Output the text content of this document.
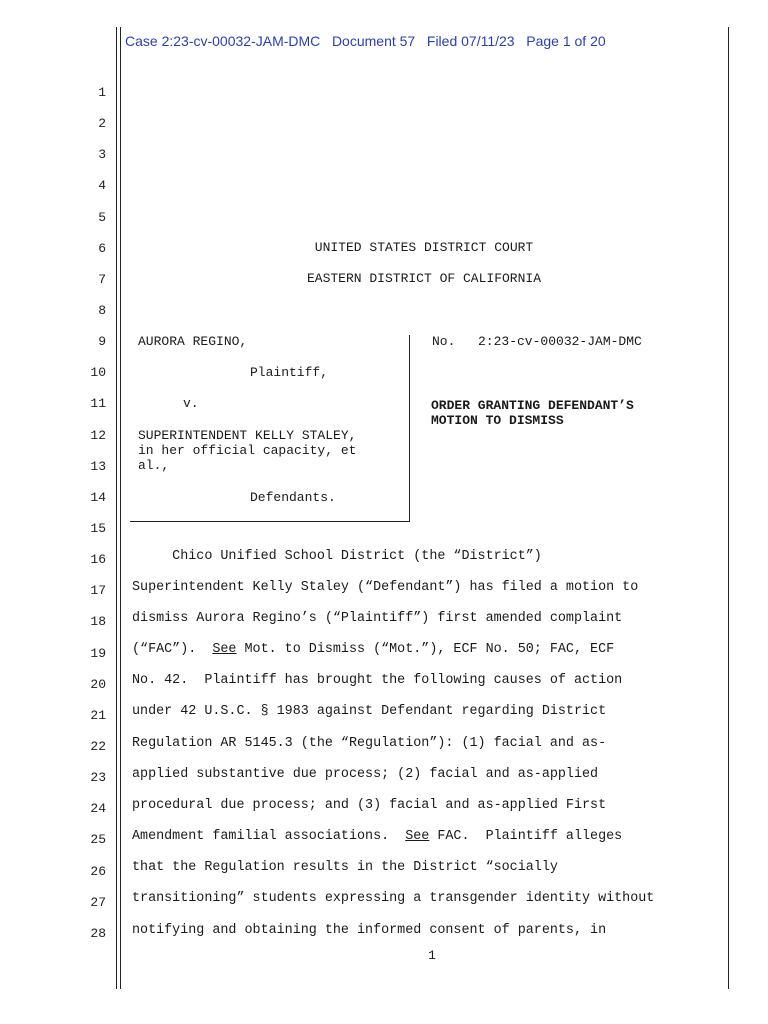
Case 2:23-cv-00032-JAM-DMC   Document 57   Filed 07/11/23   Page 1 of 20
1
2
3
4
5
6
7
8
9
10
11
12
13
14
15
16
17
18
19
20
21
22
23
24
25
26
27
28
UNITED STATES DISTRICT COURT
EASTERN DISTRICT OF CALIFORNIA
AURORA REGINO,
Plaintiff,
v.
SUPERINTENDENT KELLY STALEY,
in her official capacity, et
al.,
Defendants.
No. 2:23-cv-00032-JAM-DMC
ORDER GRANTING DEFENDANT’S
MOTION TO DISMISS
Chico Unified School District (the “District”)
Superintendent Kelly Staley (“Defendant”) has filed a motion to
dismiss Aurora Regino’s (“Plaintiff”) first amended complaint
(“FAC”).  See Mot. to Dismiss (“Mot.”), ECF No. 50; FAC, ECF
No. 42.  Plaintiff has brought the following causes of action
under 42 U.S.C. § 1983 against Defendant regarding District
Regulation AR 5145.3 (the “Regulation”): (1) facial and as-
applied substantive due process; (2) facial and as-applied
procedural due process; and (3) facial and as-applied First
Amendment familial associations.  See FAC.  Plaintiff alleges
that the Regulation results in the District “socially
transitioning” students expressing a transgender identity without
notifying and obtaining the informed consent of parents, in
1
